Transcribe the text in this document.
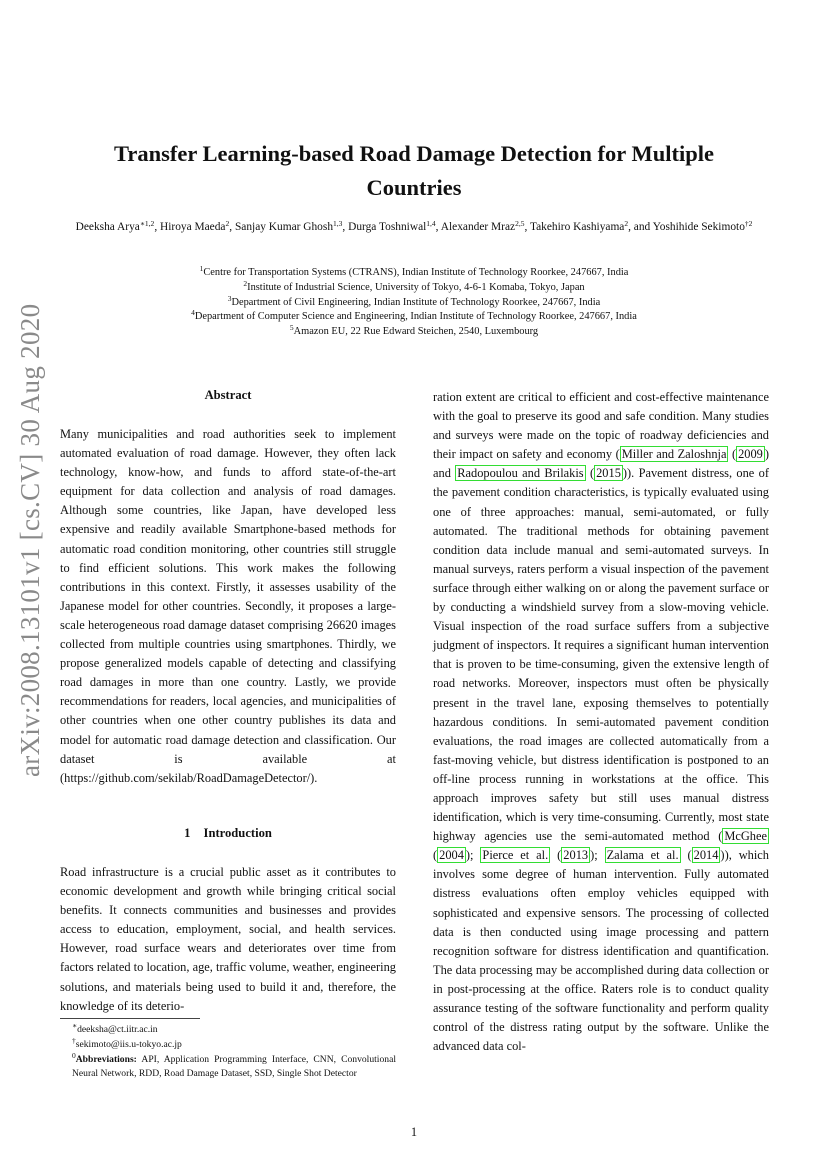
arXiv:2008.13101v1 [cs.CV] 30 Aug 2020
Transfer Learning-based Road Damage Detection for Multiple Countries
Deeksha Arya$^{∗1,2}$, Hiroya Maeda$^2$, Sanjay Kumar Ghosh$^{1,3}$, Durga Toshniwal$^{1,4}$, Alexander Mraz$^{2,5}$, Takehiro Kashiyama$^2$, and Yoshihide Sekimoto$^{\dagger 2}$
$^1$Centre for Transportation Systems (CTRANS), Indian Institute of Technology Roorkee, 247667, India
$^2$Institute of Industrial Science, University of Tokyo, 4-6-1 Komaba, Tokyo, Japan
$^3$Department of Civil Engineering, Indian Institute of Technology Roorkee, 247667, India
$^4$Department of Computer Science and Engineering, Indian Institute of Technology Roorkee, 247667, India
$^5$Amazon EU, 22 Rue Edward Steichen, 2540, Luxembourg
Abstract

Many municipalities and road authorities seek to implement automated evaluation of road damage. However, they often lack technology, know-how, and funds to afford state-of-the-art equipment for data collection and analysis of road damages. Although some countries, like Japan, have developed less expensive and readily available Smartphone-based methods for automatic road condition monitoring, other countries still struggle to find efficient solutions. This work makes the following contributions in this context. Firstly, it assesses usability of the Japanese model for other countries. Secondly, it proposes a large-scale heterogeneous road damage dataset comprising 26620 images collected from multiple countries using smartphones. Thirdly, we propose generalized models capable of detecting and classifying road damages in more than one country. Lastly, we provide recommendations for readers, local agencies, and municipalities of other countries when one other country publishes its data and model for automatic road damage detection and classification. Our dataset is available at (https://github.com/sekilab/RoadDamageDetector/).

1 Introduction

Road infrastructure is a crucial public asset as it contributes to economic development and growth while bringing critical social benefits. It connects communities and businesses and provides access to education, employment, social, and health services. However, road surface wears and deteriorates over time from factors related to location, age, traffic volume, weather, engineering solutions, and materials being used to build it and, therefore, the knowledge of its deterio-

ration extent are critical to efficient and cost-effective maintenance with the goal to preserve its good and safe condition. Many studies and surveys were made on the topic of roadway deficiencies and their impact on safety and economy ( Miller and Zaloshnja ( 2009 ) and Radopoulou and Brilakis ( 2015 )). Pavement distress, one of the pavement condition characteristics, is typically evaluated using one of three approaches: manual, semi-automated, or fully automated. The traditional methods for obtaining pavement condition data include manual and semi-automated surveys. In manual surveys, raters perform a visual inspection of the pavement surface through either walking on or along the pavement surface or by conducting a windshield survey from a slow-moving vehicle. Visual inspection of the road surface suffers from a subjective judgment of inspectors. It requires a significant human intervention that is proven to be time-consuming, given the extensive length of road networks. Moreover, inspectors must often be physically present in the travel lane, exposing themselves to potentially hazardous conditions. In semi-automated pavement condition evaluations, the road images are collected automatically from a fast-moving vehicle, but distress identification is postponed to an off-line process running in workstations at the office. This approach improves safety but still uses manual distress identification, which is very time-consuming. Currently, most state highway agencies use the semi-automated method ( McGhee ( 2004 ); Pierce et al. ( 2013 ); Zalama et al. ( 2014 )), which involves some degree of human intervention. Fully automated distress evaluations often employ vehicles equipped with sophisticated and expensive sensors. The processing of collected data is then conducted using image processing and pattern recognition software for distress identification and quantification. The data processing may be accomplished during data collection or in post-processing at the office. Raters role is to conduct quality assurance testing of the software functionality and perform quality control of the distress rating output by the software. Unlike the advanced data col-

∗deeksha@ct.iitr.ac.in
†sekimoto@iis.u-tokyo.ac.jp
$^0$Abbreviations: API, Application Programming Interface, CNN, Convolutional Neural Network, RDD, Road Damage Dataset, SSD, Single Shot Detector
1
